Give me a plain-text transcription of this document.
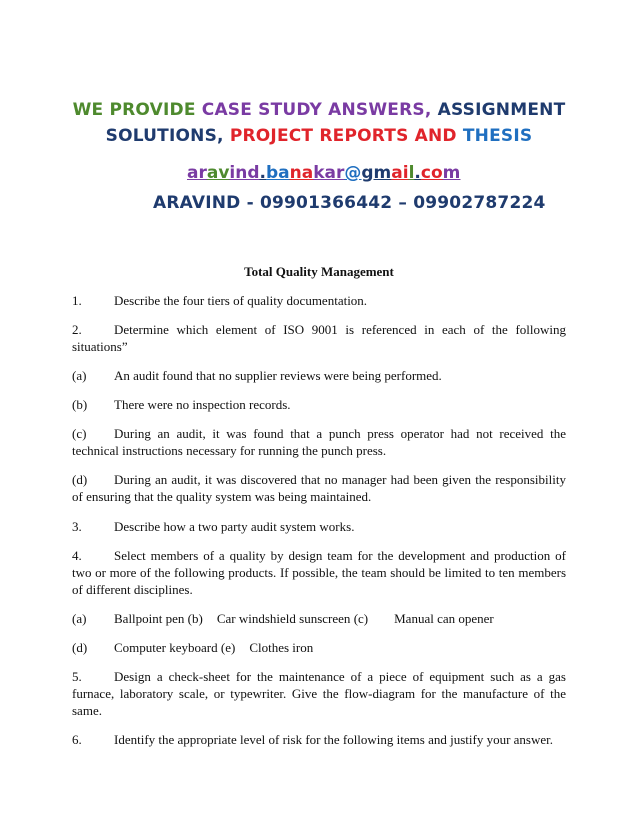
WE PROVIDE CASE STUDY ANSWERS, ASSIGNMENT
SOLUTIONS, PROJECT REPORTS AND THESIS
aravind.banakar@gmail.com
ARAVIND - 09901366442 – 09902787224
Total Quality Management
1. Describe the four tiers of quality documentation.
2. Determine which element of ISO 9001 is referenced in each of the following situations”
(a) An audit found that no supplier reviews were being performed.
(b) There were no inspection records.
(c) During an audit, it was found that a punch press operator had not received the technical instructions necessary for running the punch press.
(d) During an audit, it was discovered that no manager had been given the responsibility of ensuring that the quality system was being maintained.
3. Describe how a two party audit system works.
4. Select members of a quality by design team for the development and production of two or more of the following products. If possible, the team should be limited to ten members of different disciplines.
(a) Ballpoint pen (b) Car windshield sunscreen (c) Manual can opener
(d) Computer keyboard (e) Clothes iron
5. Design a check-sheet for the maintenance of a piece of equipment such as a gas furnace, laboratory scale, or typewriter. Give the flow-diagram for the manufacture of the same.
6. Identify the appropriate level of risk for the following items and justify your answer.
